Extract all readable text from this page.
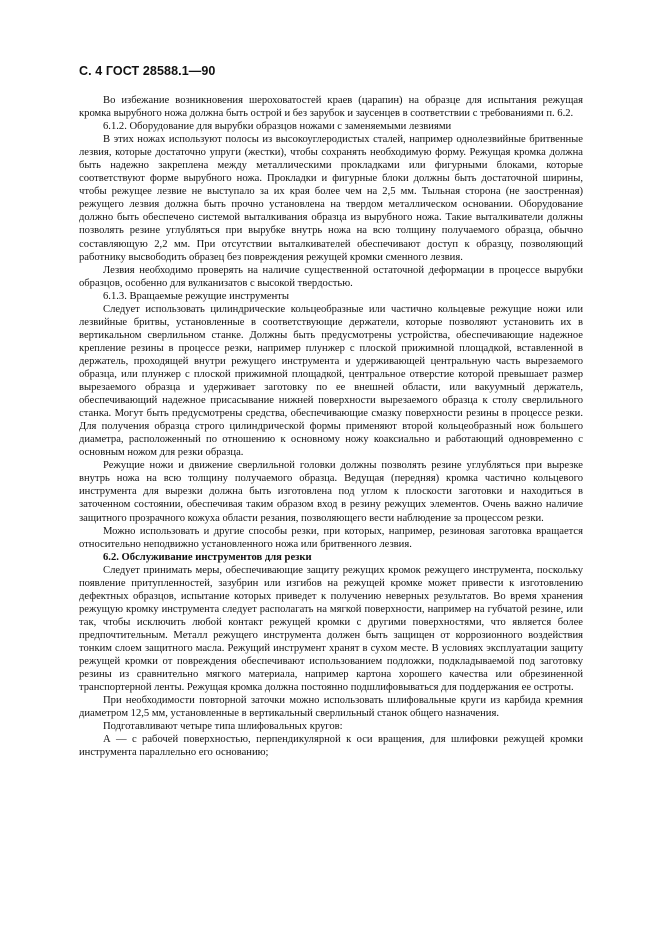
С. 4 ГОСТ 28588.1—90

Во избежание возникновения шероховатостей краев (царапин) на образце для испытания режущая кромка вырубного ножа должна быть острой и без зарубок и заусенцев в соответствии с требованиями п. 6.2.

6.1.2. Оборудование для вырубки образцов ножами с заменяемыми лезвиями

В этих ножах используют полосы из высокоуглеродистых сталей, например однолезвийные бритвенные лезвия, которые достаточно упруги (жестки), чтобы сохранять необходимую форму. Режущая кромка должна быть надежно закреплена между металлическими прокладками или фигурными блоками, которые соответствуют форме вырубного ножа. Прокладки и фигурные блоки должны быть достаточной ширины, чтобы режущее лезвие не выступало за их края более чем на 2,5 мм. Тыльная сторона (не заостренная) режущего лезвия должна быть прочно установлена на твердом металлическом основании. Оборудование должно быть обеспечено системой выталкивания образца из вырубного ножа. Такие выталкиватели должны позволять резине углубляться при вырубке внутрь ножа на всю толщину получаемого образца, обычно составляющую 2,2 мм. При отсутствии выталкивателей обеспечивают доступ к образцу, позволяющий работнику высвободить образец без повреждения режущей кромки сменного лезвия.

Лезвия необходимо проверять на наличие существенной остаточной деформации в процессе вырубки образцов, особенно для вулканизатов с высокой твердостью.

6.1.3. Вращаемые режущие инструменты

Следует использовать цилиндрические кольцеобразные или частично кольцевые режущие ножи или лезвийные бритвы, установленные в соответствующие держатели, которые позволяют установить их в вертикальном сверлильном станке. Должны быть предусмотрены устройства, обеспечивающие надежное крепление резины в процессе резки, например плунжер с плоской прижимной площадкой, вставленной в держатель, проходящей внутри режущего инструмента и удерживающей центральную часть вырезаемого образца, или плунжер с плоской прижимной площадкой, центральное отверстие которой превышает размер вырезаемого образца и удерживает заготовку по ее внешней области, или вакуумный держатель, обеспечивающий надежное присасывание нижней поверхности вырезаемого образца к столу сверлильного станка. Могут быть предусмотрены средства, обеспечивающие смазку поверхности резины в процессе резки. Для получения образца строго цилиндрической формы применяют второй кольцеобразный нож большего диаметра, расположенный по отношению к основному ножу коаксиально и работающий одновременно с основным ножом для резки образца.

Режущие ножи и движение сверлильной головки должны позволять резине углубляться при вырезке внутрь ножа на всю толщину получаемого образца. Ведущая (передняя) кромка частично кольцевого инструмента для вырезки должна быть изготовлена под углом к плоскости заготовки и находиться в заточенном состоянии, обеспечивая таким образом вход в резину режущих элементов. Очень важно наличие защитного прозрачного кожуха области резания, позволяющего вести наблюдение за процессом резки.

Можно использовать и другие способы резки, при которых, например, резиновая заготовка вращается относительно неподвижно установленного ножа или бритвенного лезвия.

6.2. Обслуживание инструментов для резки

Следует принимать меры, обеспечивающие защиту режущих кромок режущего инструмента, поскольку появление притупленностей, зазубрин или изгибов на режущей кромке может привести к изготовлению дефектных образцов, испытание которых приведет к получению неверных результатов. Во время хранения режущую кромку инструмента следует располагать на мягкой поверхности, например на губчатой резине, или так, чтобы исключить любой контакт режущей кромки с другими поверхностями, что является более предпочтительным. Металл режущего инструмента должен быть защищен от коррозионного воздействия тонким слоем защитного масла. Режущий инструмент хранят в сухом месте. В условиях эксплуатации защиту режущей кромки от повреждения обеспечивают использованием подложки, подкладываемой под заготовку резины из сравнительно мягкого материала, например картона хорошего качества или обрезиненной транспортерной ленты. Режущая кромка должна постоянно подшлифовываться для поддержания ее остроты.

При необходимости повторной заточки можно использовать шлифовальные круги из карбида кремния диаметром 12,5 мм, установленные в вертикальный сверлильный станок общего назначения.

Подготавливают четыре типа шлифовальных кругов:

А — с рабочей поверхностью, перпендикулярной к оси вращения, для шлифовки режущей кромки инструмента параллельно его основанию;
